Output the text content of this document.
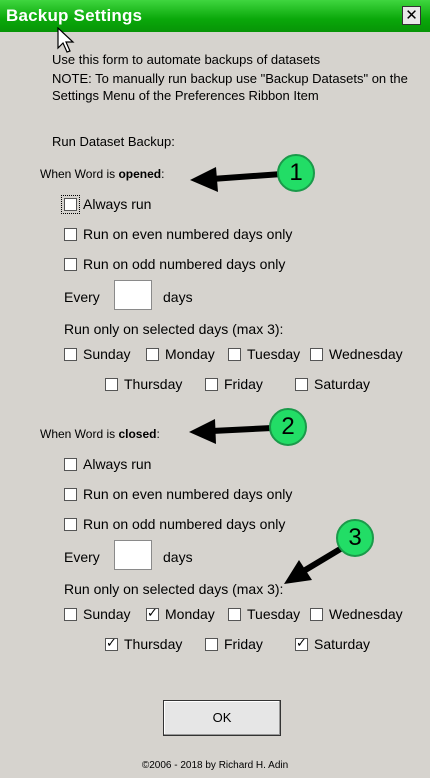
Backup Settings	✕
Use this form to automate backups of datasets
NOTE: To manually run backup use "Backup Datasets" on the
Settings Menu of the Preferences Ribbon Item
Run Dataset Backup:
When Word is opened:
Always run
Run on even numbered days only
Run on odd numbered days only
Every	days
Run only on selected days (max 3):
Sunday Monday Tuesday Wednesday
Thursday	Friday	Saturday
When Word is closed:
Always run
Run on even numbered days only
Run on odd numbered days only
Every	days
Run only on selected days (max 3):
Sunday ✓ Monday Tuesday Wednesday
✓
Thursday	Friday ✓	Saturday
1
2
3
OK
©2006 - 2018 by Richard H. Adin
